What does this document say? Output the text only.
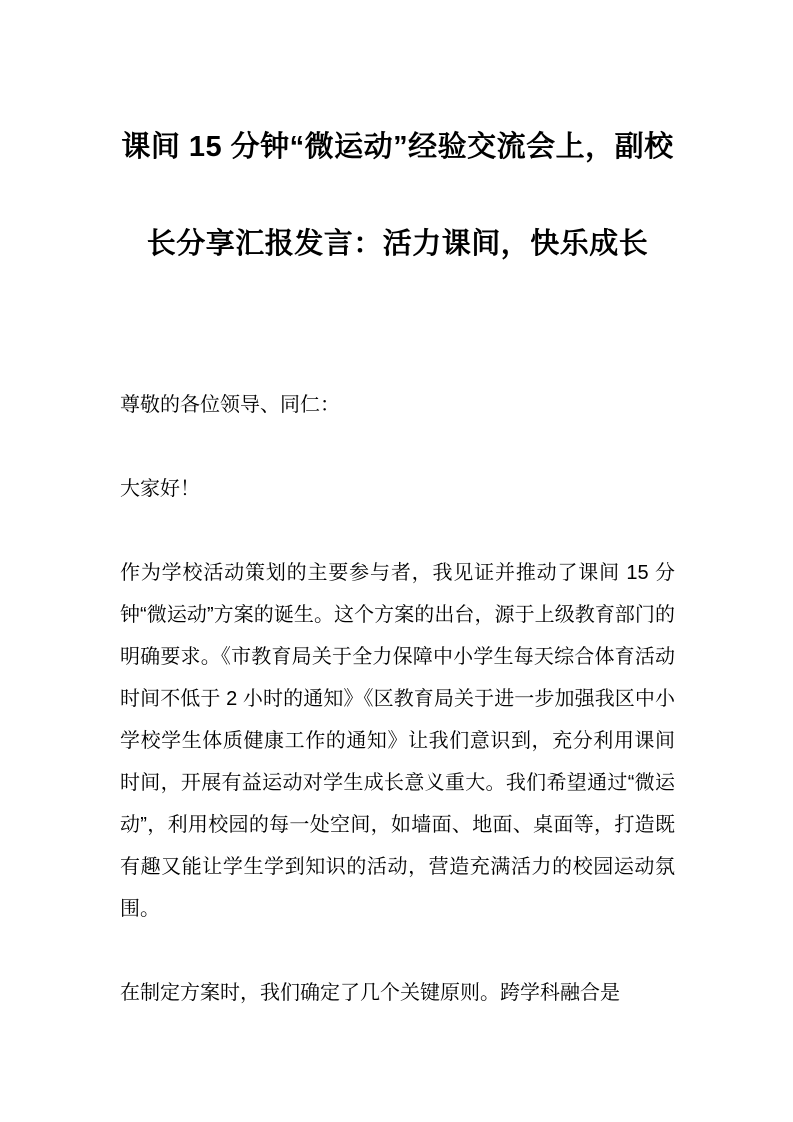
课间 15 分钟“微运动”经验交流会上，副校
长分享汇报发言：活力课间，快乐成长

尊敬的各位领导、同仁：

大家好！

作为学校活动策划的主要参与者，我见证并推动了课间 15 分钟“微运动”方案的诞生。这个方案的出台，源于上级教育部门的明确要求。《市教育局关于全力保障中小学生每天综合体育活动时间不低于 2 小时的通知》《区教育局关于进一步加强我区中小学校学生体质健康工作的通知》让我们意识到，充分利用课间时间，开展有益运动对学生成长意义重大。我们希望通过“微运动”，利用校园的每一处空间，如墙面、地面、桌面等，打造既有趣又能让学生学到知识的活动，营造充满活力的校园运动氛围。

在制定方案时，我们确定了几个关键原则。跨学科融合是
